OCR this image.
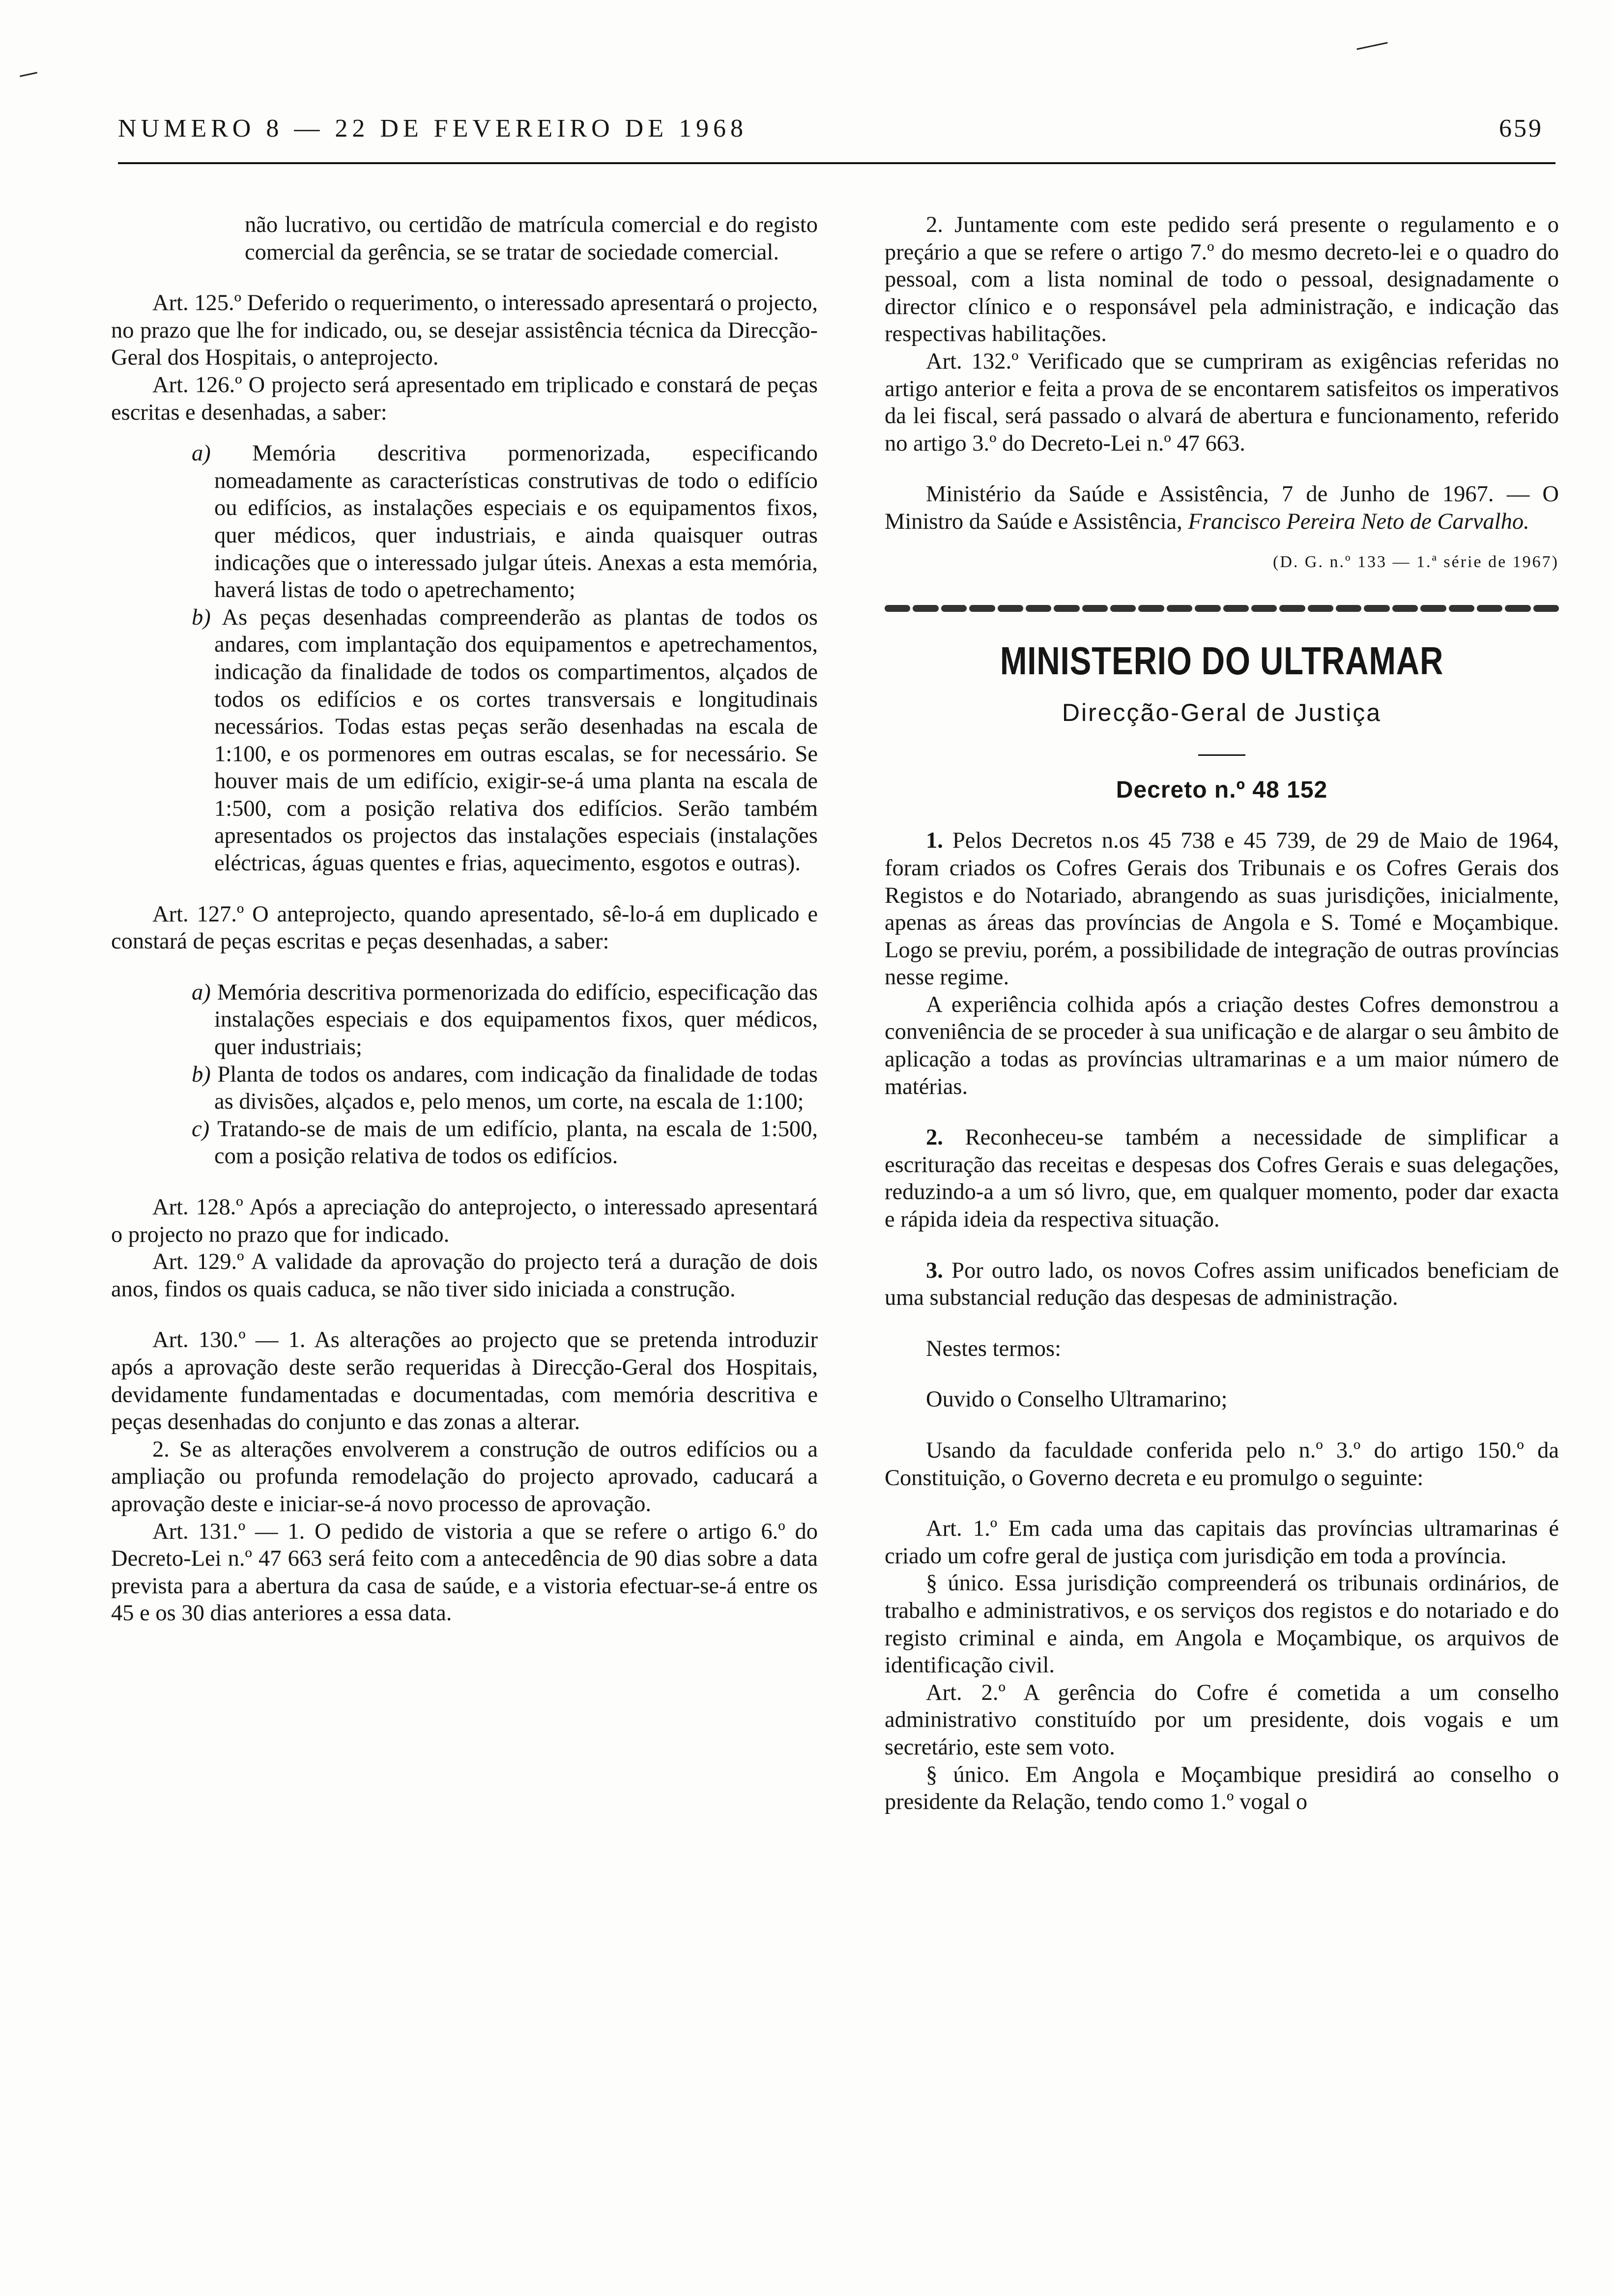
NUMERO 8 — 22 DE FEVEREIRO DE 1968	659

não lucrativo, ou certidão de matrícula comercial e do registo comercial da gerência, se se tratar de sociedade comercial.

Art. 125.º Deferido o requerimento, o interessado apresentará o projecto, no prazo que lhe for indicado, ou, se desejar assistência técnica da Direcção-Geral dos Hospitais, o anteprojecto.

Art. 126.º O projecto será apresentado em triplicado e constará de peças escritas e desenhadas, a saber:

a) Memória descritiva pormenorizada, especificando nomeadamente as características construtivas de todo o edifício ou edifícios, as instalações especiais e os equipamentos fixos, quer médicos, quer industriais, e ainda quaisquer outras indicações que o interessado julgar úteis. Anexas a esta memória, haverá listas de todo o apetrechamento;

b) As peças desenhadas compreenderão as plantas de todos os andares, com implantação dos equipamentos e apetrechamentos, indicação da finalidade de todos os compartimentos, alçados de todos os edifícios e os cortes transversais e longitudinais necessários. Todas estas peças serão desenhadas na escala de 1:100, e os pormenores em outras escalas, se for necessário. Se houver mais de um edifício, exigir-se-á uma planta na escala de 1:500, com a posição relativa dos edifícios. Serão também apresentados os projectos das instalações especiais (instalações eléctricas, águas quentes e frias, aquecimento, esgotos e outras).

Art. 127.º O anteprojecto, quando apresentado, sê-lo-á em duplicado e constará de peças escritas e peças desenhadas, a saber:

a) Memória descritiva pormenorizada do edifício, especificação das instalações especiais e dos equipamentos fixos, quer médicos, quer industriais;

b) Planta de todos os andares, com indicação da finalidade de todas as divisões, alçados e, pelo menos, um corte, na escala de 1:100;

c) Tratando-se de mais de um edifício, planta, na escala de 1:500, com a posição relativa de todos os edifícios.

Art. 128.º Após a apreciação do anteprojecto, o interessado apresentará o projecto no prazo que for indicado.

Art. 129.º A validade da aprovação do projecto terá a duração de dois anos, findos os quais caduca, se não tiver sido iniciada a construção.

Art. 130.º — 1. As alterações ao projecto que se pretenda introduzir após a aprovação deste serão requeridas à Direcção-Geral dos Hospitais, devidamente fundamentadas e documentadas, com memória descritiva e peças desenhadas do conjunto e das zonas a alterar.

2. Se as alterações envolverem a construção de outros edifícios ou a ampliação ou profunda remodelação do projecto aprovado, caducará a aprovação deste e iniciar-se-á novo processo de aprovação.

Art. 131.º — 1. O pedido de vistoria a que se refere o artigo 6.º do Decreto-Lei n.º 47 663 será feito com a antecedência de 90 dias sobre a data prevista para a abertura da casa de saúde, e a vistoria efectuar-se-á entre os 45 e os 30 dias anteriores a essa data.

2. Juntamente com este pedido será presente o regulamento e o preçário a que se refere o artigo 7.º do mesmo decreto-lei e o quadro do pessoal, com a lista nominal de todo o pessoal, designadamente o director clínico e o responsável pela administração, e indicação das respectivas habilitações.

Art. 132.º Verificado que se cumpriram as exigências referidas no artigo anterior e feita a prova de se encontarem satisfeitos os imperativos da lei fiscal, será passado o alvará de abertura e funcionamento, referido no artigo 3.º do Decreto-Lei n.º 47 663.

Ministério da Saúde e Assistência, 7 de Junho de 1967. — O Ministro da Saúde e Assistência, Francisco Pereira Neto de Carvalho.

(D. G. n.º 133 — 1.ª série de 1967)

MINISTERIO DO ULTRAMAR

Direcção-Geral de Justiça

Decreto n.º 48 152

1. Pelos Decretos n.os 45 738 e 45 739, de 29 de Maio de 1964, foram criados os Cofres Gerais dos Tribunais e os Cofres Gerais dos Registos e do Notariado, abrangendo as suas jurisdições, inicialmente, apenas as áreas das províncias de Angola e S. Tomé e Moçambique. Logo se previu, porém, a possibilidade de integração de outras províncias nesse regime.

A experiência colhida após a criação destes Cofres demonstrou a conveniência de se proceder à sua unificação e de alargar o seu âmbito de aplicação a todas as províncias ultramarinas e a um maior número de matérias.

2. Reconheceu-se também a necessidade de simplificar a escrituração das receitas e despesas dos Cofres Gerais e suas delegações, reduzindo-a a um só livro, que, em qualquer momento, poder dar exacta e rápida ideia da respectiva situação.

3. Por outro lado, os novos Cofres assim unificados beneficiam de uma substancial redução das despesas de administração.

Nestes termos:

Ouvido o Conselho Ultramarino;

Usando da faculdade conferida pelo n.º 3.º do artigo 150.º da Constituição, o Governo decreta e eu promulgo o seguinte:

Art. 1.º Em cada uma das capitais das províncias ultramarinas é criado um cofre geral de justiça com jurisdição em toda a província.

§ único. Essa jurisdição compreenderá os tribunais ordinários, de trabalho e administrativos, e os serviços dos registos e do notariado e do registo criminal e ainda, em Angola e Moçambique, os arquivos de identificação civil.

Art. 2.º A gerência do Cofre é cometida a um conselho administrativo constituído por um presidente, dois vogais e um secretário, este sem voto.

§ único. Em Angola e Moçambique presidirá ao conselho o presidente da Relação, tendo como 1.º vogal o
